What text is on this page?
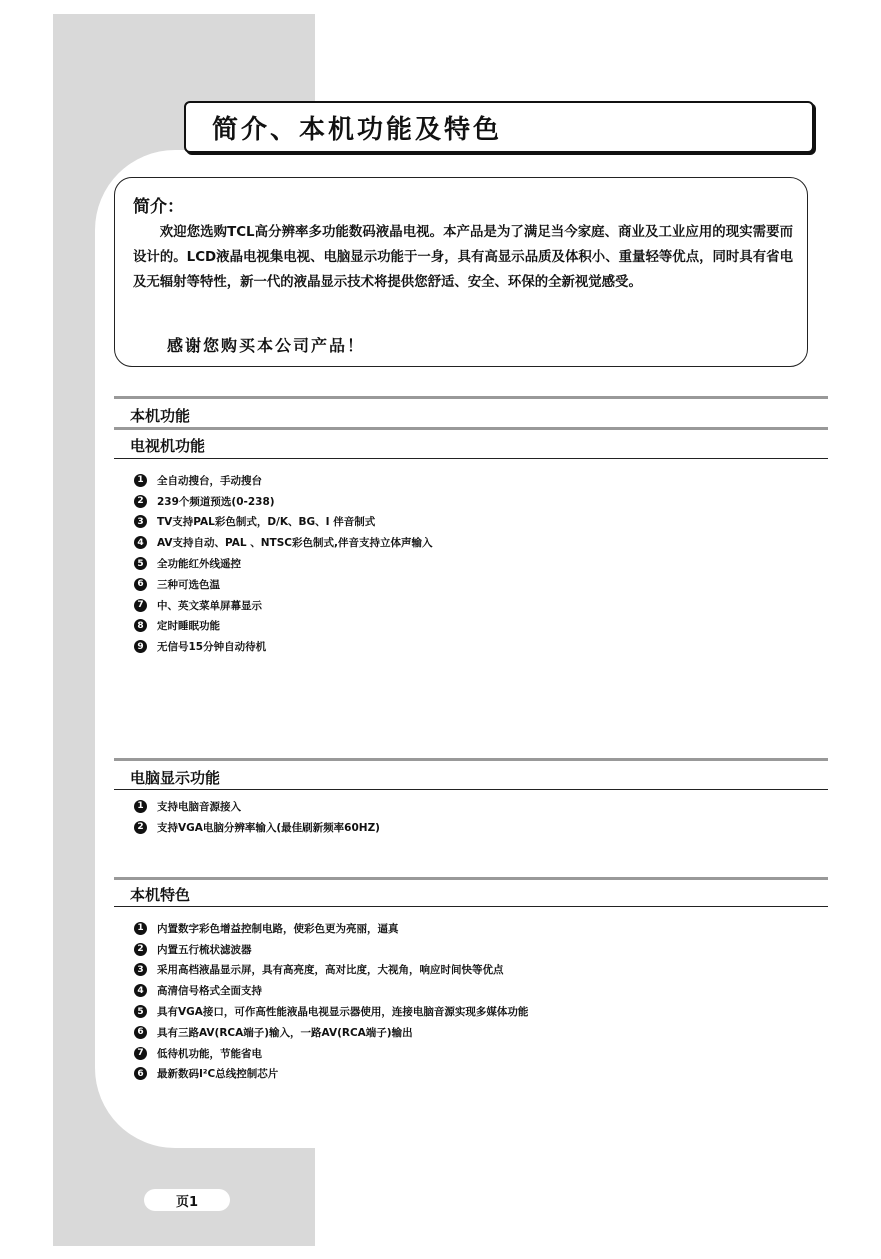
简介、本机功能及特色
简介：
欢迎您选购TCL高分辨率多功能数码液晶电视。本产品是为了满足当今家庭、商业及工业应用的现实需要而设计的。LCD液晶电视集电视、电脑显示功能于一身，具有高显示品质及体积小、重量轻等优点，同时具有省电及无辐射等特性，新一代的液晶显示技术将提供您舒适、安全、环保的全新视觉感受。
感谢您购买本公司产品！
本机功能
电视机功能
1	全自动搜台，手动搜台
2	239个频道预选(0-238)
3	TV支持PAL彩色制式，D/K、BG、I 伴音制式
4	AV支持自动、PAL 、NTSC彩色制式,伴音支持立体声输入
5	全功能红外线遥控
6	三种可选色温
7	中、英文菜单屏幕显示
8	定时睡眠功能
9	无信号15分钟自动待机
电脑显示功能
1	支持电脑音源接入
2	支持VGA电脑分辨率输入(最佳刷新频率60HZ)
本机特色
1	内置数字彩色增益控制电路，使彩色更为亮丽，逼真
2	内置五行梳状滤波器
3	采用高档液晶显示屏，具有高亮度，高对比度，大视角，响应时间快等优点
4	高清信号格式全面支持
5	具有VGA接口，可作高性能液晶电视显示器使用，连接电脑音源实现多媒体功能
6	具有三路AV(RCA端子)输入，一路AV(RCA端子)输出
7	低待机功能，节能省电
6	最新数码I²C总线控制芯片
页1
